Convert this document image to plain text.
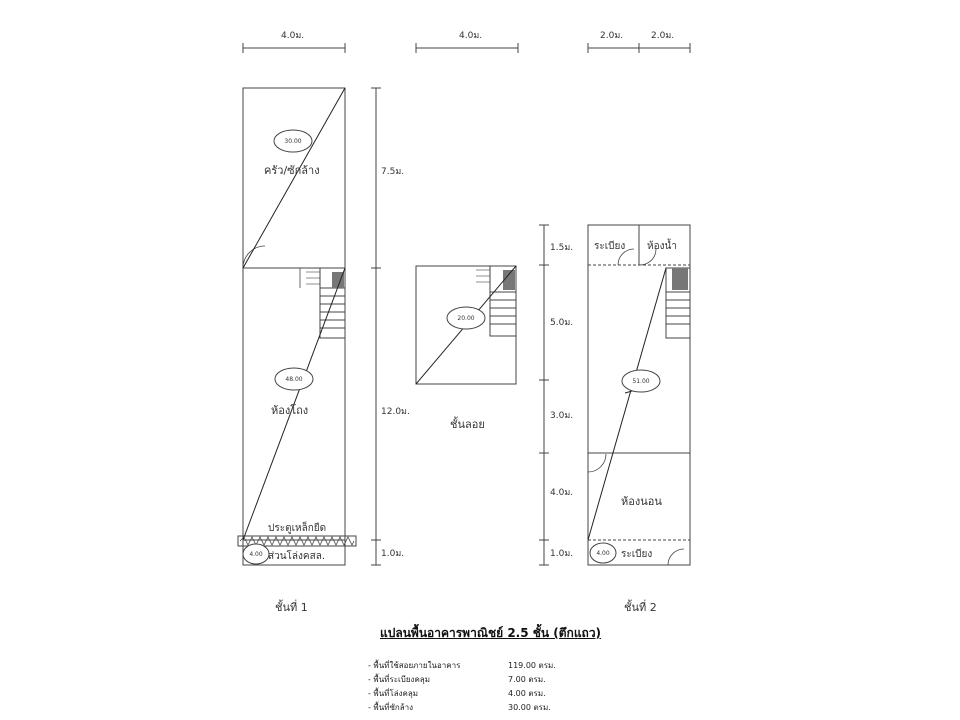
4.0ม.	4.0ม.	2.0ม.	2.0ม.
7.5ม.
12.0ม.
1.0ม.
1.5ม.
5.0ม.
3.0ม.
4.0ม.
1.0ม.
ครัว/ซักล้าง
ห้องโถง
ชั้นลอย
ห้องนอน
ประตูเหล็กยืด
ส่วนโล่งคสล.
ระเบียง ห้องน้ำ
ระเบียง
30.00
48.00
4.00
20.00
51.00
4.00
ชั้นที่ 1	ชั้นที่ 2
แปลนพื้นอาคารพาณิชย์ 2.5 ชั้น (ตึกแถว)
- พื้นที่ใช้สอยภายในอาคาร	119.00 ตรม.
- พื้นที่ระเบียงคลุม	7.00 ตรม.
- พื้นที่โล่งคลุม	4.00 ตรม.
- พื้นที่ซักล้าง	30.00 ตรม.
